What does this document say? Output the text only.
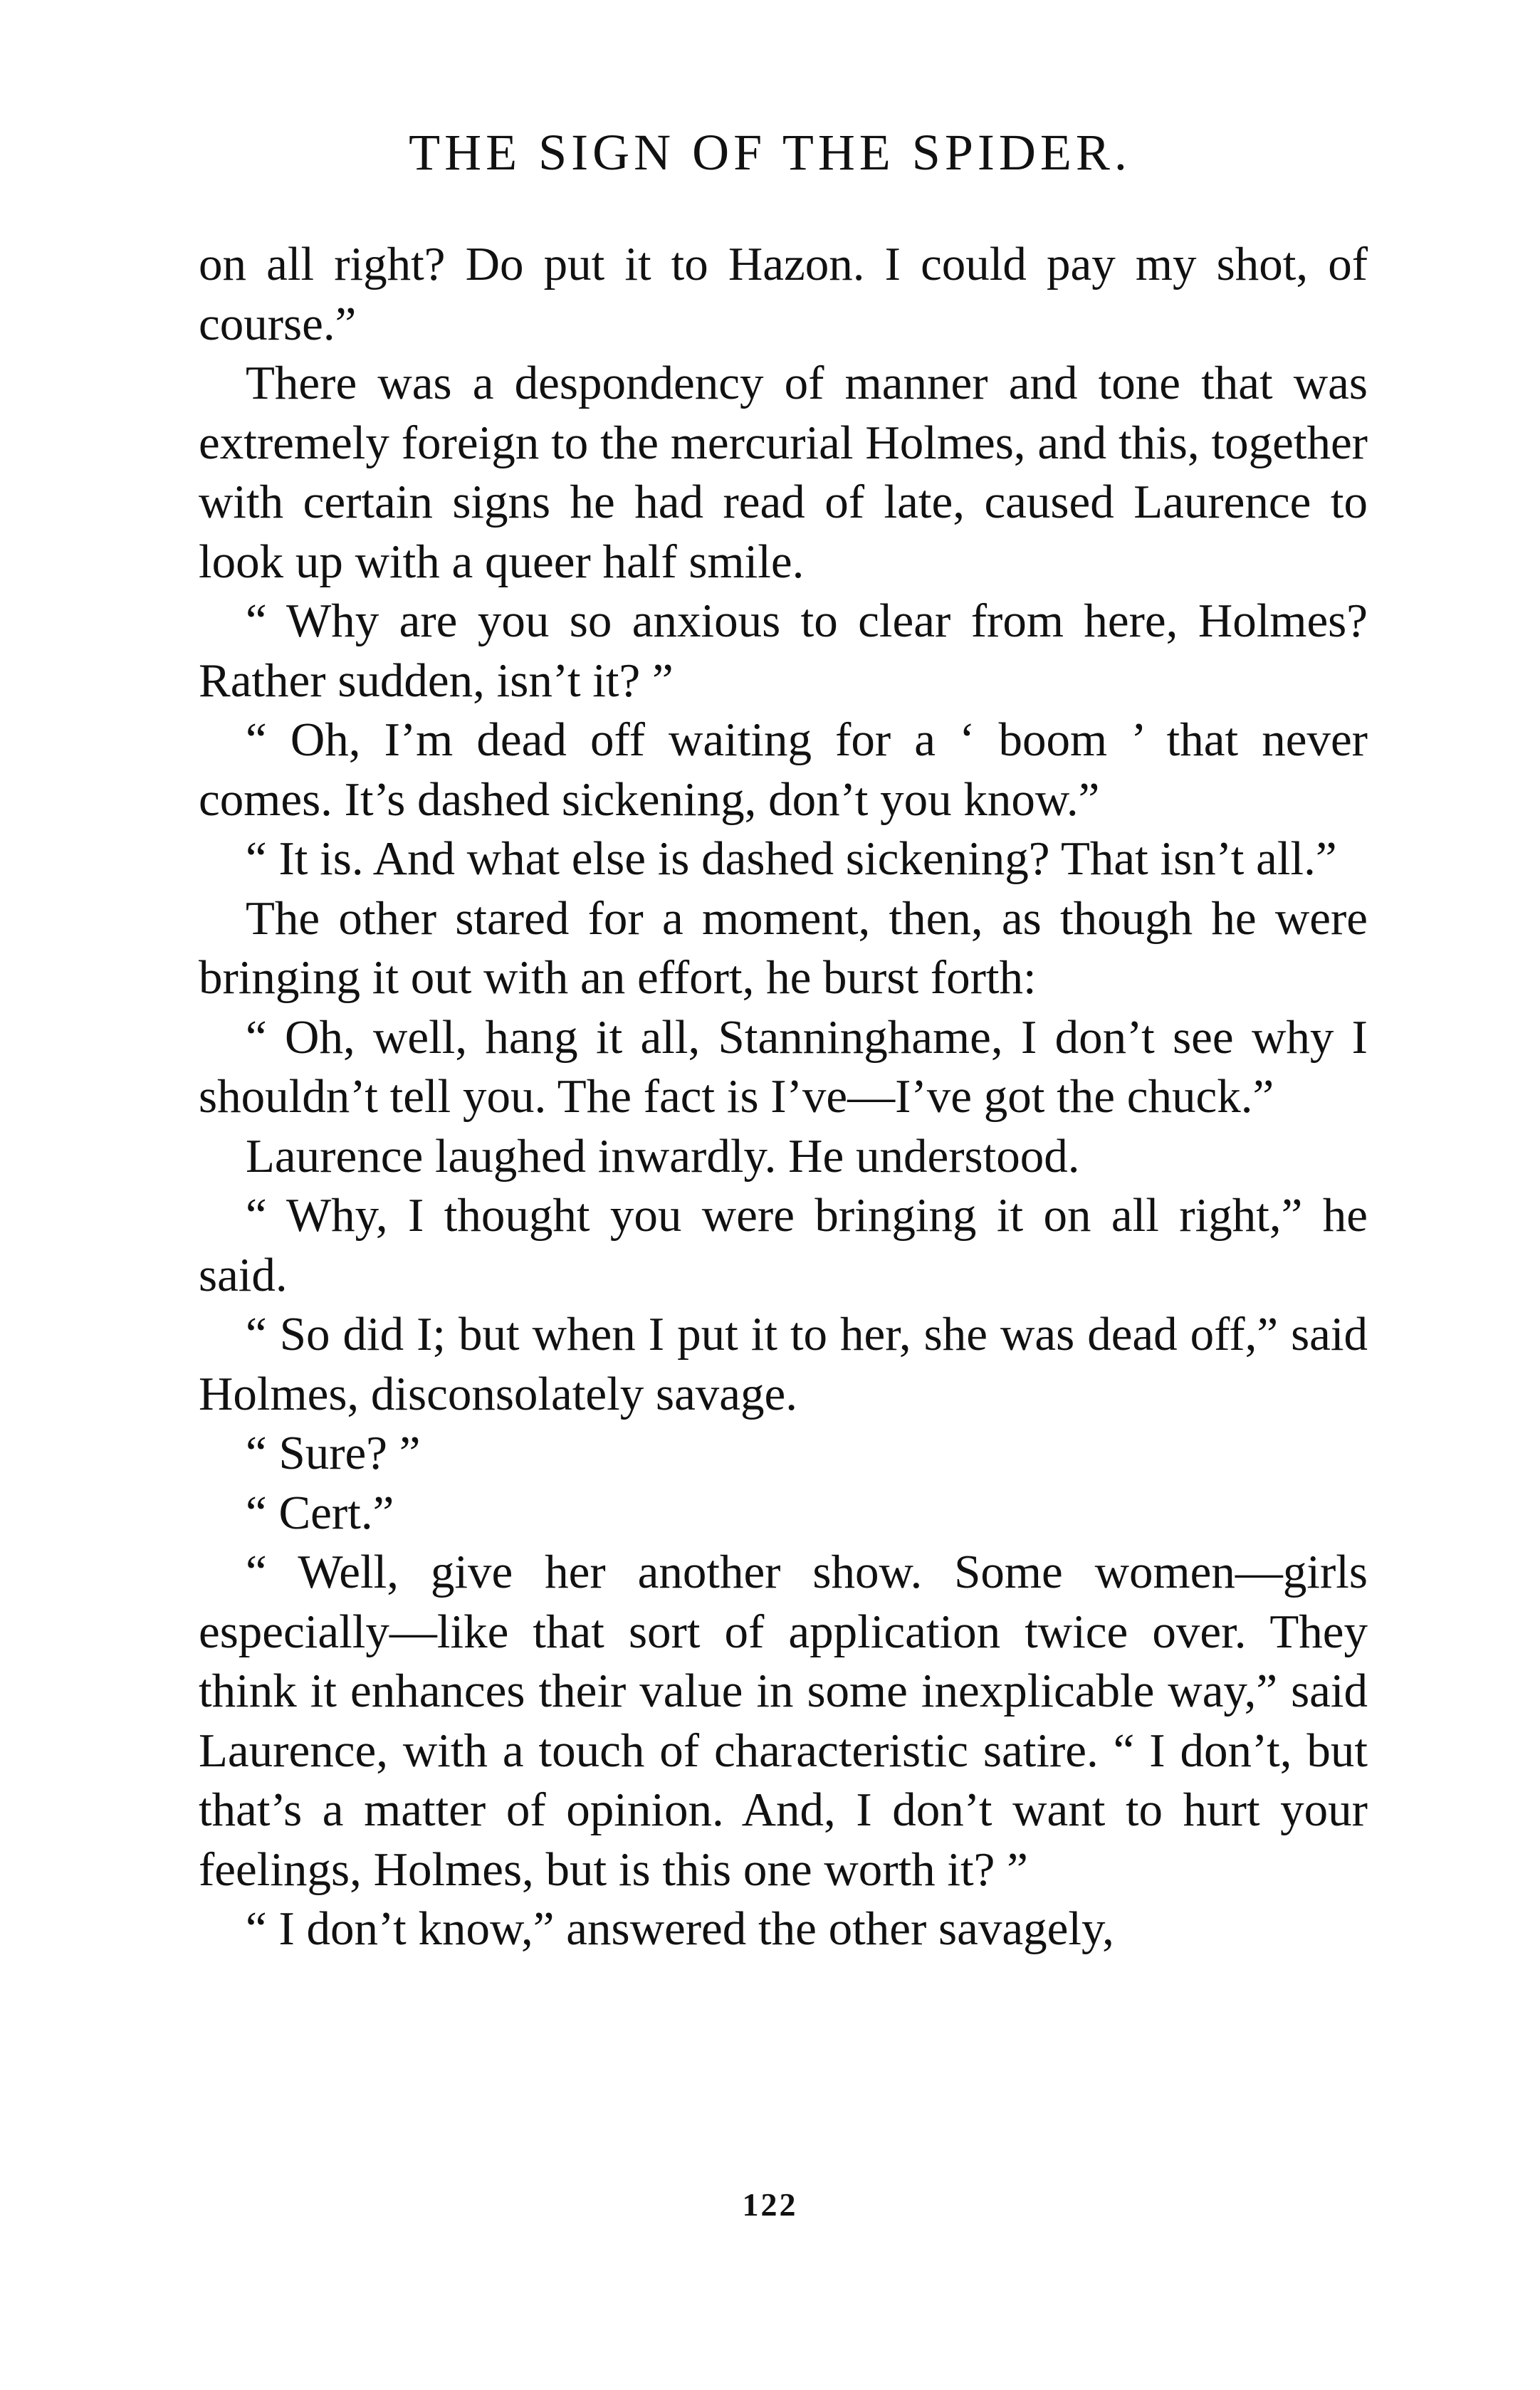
THE SIGN OF THE SPIDER.

on all right? Do put it to Hazon. I could pay my shot, of course.”

There was a despondency of manner and tone that was extremely foreign to the mercurial Holmes, and this, together with certain signs he had read of late, caused Laurence to look up with a queer half smile.

“ Why are you so anxious to clear from here, Holmes? Rather sudden, isn’t it? ”

“ Oh, I’m dead off waiting for a ‘ boom ’ that never comes. It’s dashed sickening, don’t you know.”

“ It is. And what else is dashed sickening? That isn’t all.”

The other stared for a moment, then, as though he were bringing it out with an effort, he burst forth:

“ Oh, well, hang it all, Stanninghame, I don’t see why I shouldn’t tell you. The fact is I’ve—I’ve got the chuck.”

Laurence laughed inwardly. He understood.

“ Why, I thought you were bringing it on all right,” he said.

“ So did I; but when I put it to her, she was dead off,” said Holmes, disconsolately savage.

“ Sure? ”

“ Cert.”

“ Well, give her another show. Some women—girls especially—like that sort of application twice over. They think it enhances their value in some inexplicable way,” said Laurence, with a touch of characteristic satire. “ I don’t, but that’s a matter of opinion. And, I don’t want to hurt your feelings, Holmes, but is this one worth it? ”

“ I don’t know,” answered the other savagely,

122
